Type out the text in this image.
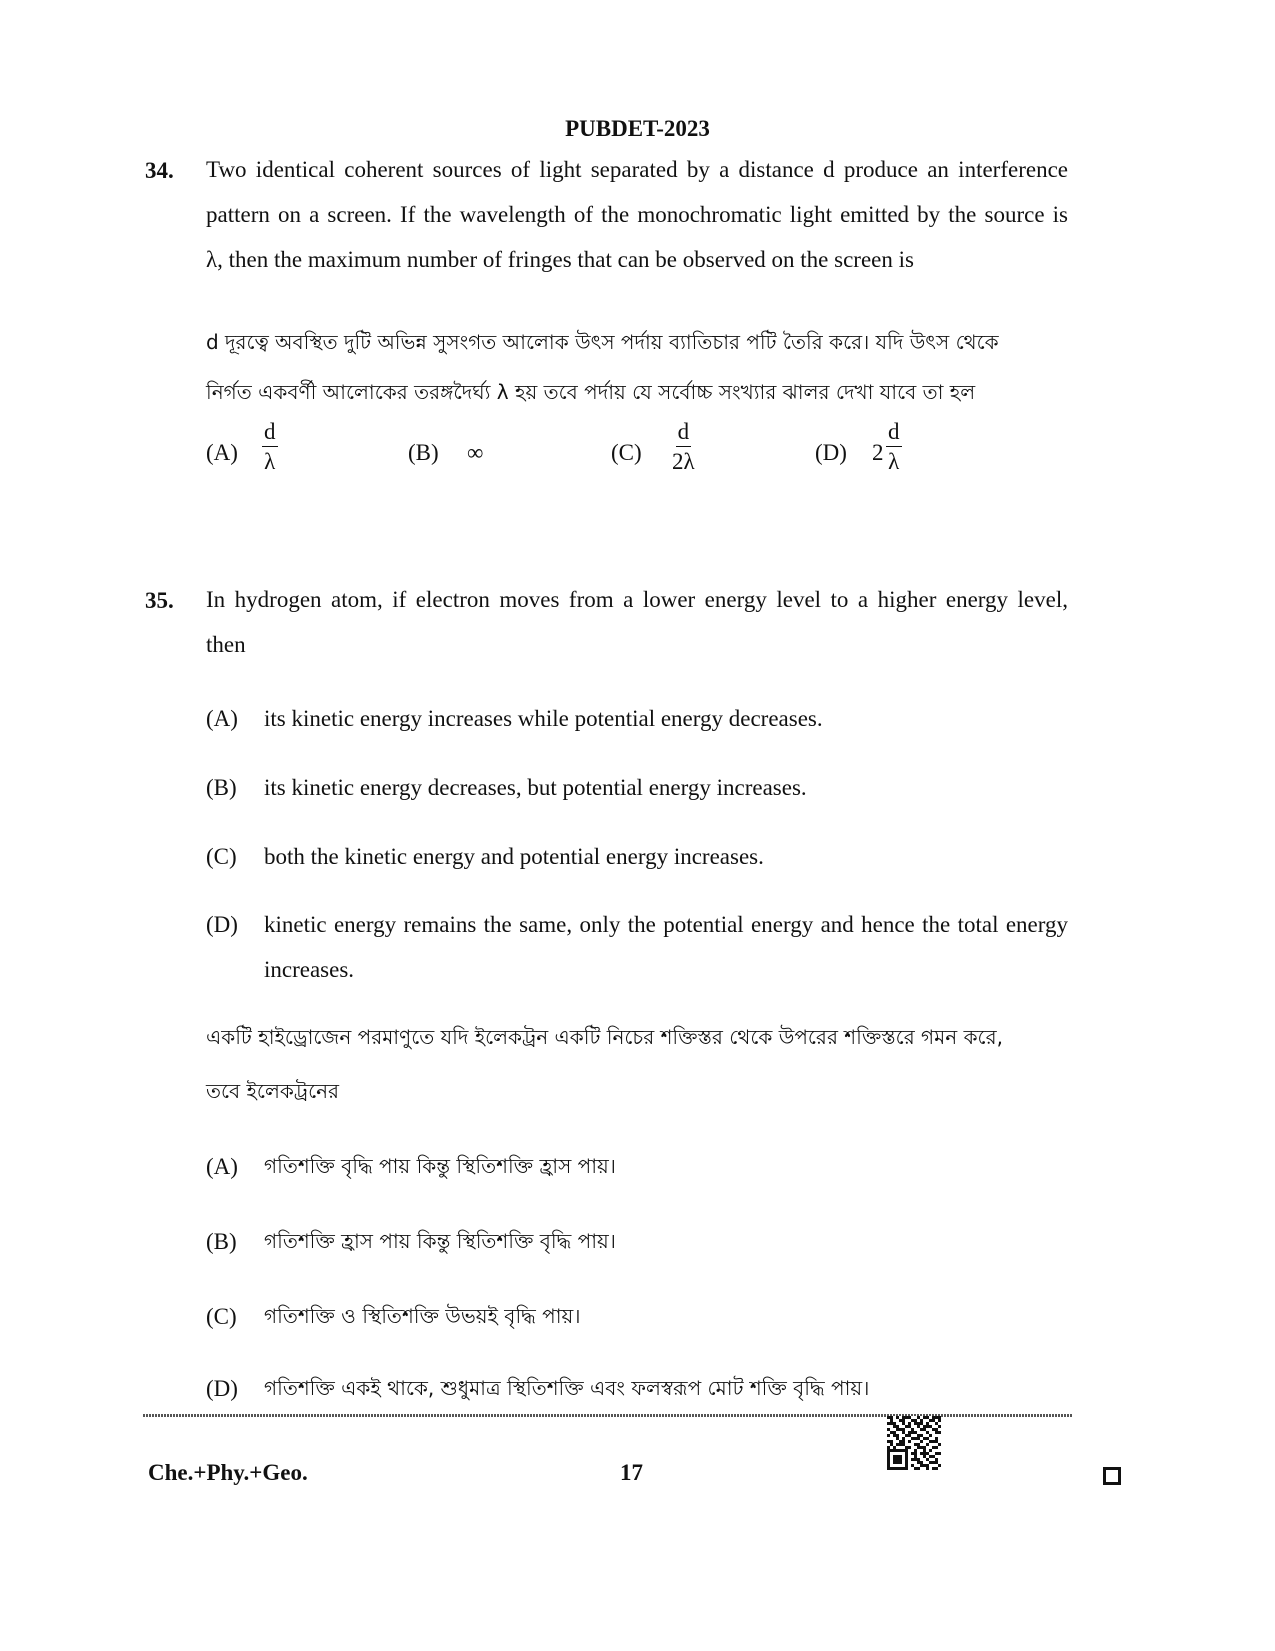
PUBDET-2023
34. Two identical coherent sources of light separated by a distance d produce an interference
pattern on a screen. If the wavelength of the monochromatic light emitted by the source is
λ, then the maximum number of fringes that can be observed on the screen is
d দূরত্বে অবস্থিত দুটি অভিন্ন সুসংগত আলোক উৎস পর্দায় ব্যাতিচার পটি তৈরি করে। যদি উৎস থেকে
নির্গত একবর্ণী আলোকের তরঙ্গদৈর্ঘ্য λ হয় তবে পর্দায় যে সর্বোচ্চ সংখ্যার ঝালর দেখা যাবে তা হল
$(A) \frac{d}{\lambda}$	(B) ∞	$(C) \frac{d}{2\lambda}$	(D) $2 \frac{d}{\lambda}$
35. In hydrogen atom, if electron moves from a lower energy level to a higher energy level,
then
(A) its kinetic energy increases while potential energy decreases.
(B) its kinetic energy decreases, but potential energy increases.
(C) both the kinetic energy and potential energy increases.
(D) kinetic energy remains the same, only the potential energy and hence the total energy
increases.
একটি হাইড্রোজেন পরমাণুতে যদি ইলেকট্রন একটি নিচের শক্তিস্তর থেকে উপরের শক্তিস্তরে গমন করে,
তবে ইলেকট্রনের
(A) গতিশক্তি বৃদ্ধি পায় কিন্তু স্থিতিশক্তি হ্রাস পায়।
(B) গতিশক্তি হ্রাস পায় কিন্তু স্থিতিশক্তি বৃদ্ধি পায়।
(C) গতিশক্তি ও স্থিতিশক্তি উভয়ই বৃদ্ধি পায়।
(D) গতিশক্তি একই থাকে, শুধুমাত্র স্থিতিশক্তি এবং ফলস্বরূপ মোট শক্তি বৃদ্ধি পায়।
Che.+Phy.+Geo.	17
